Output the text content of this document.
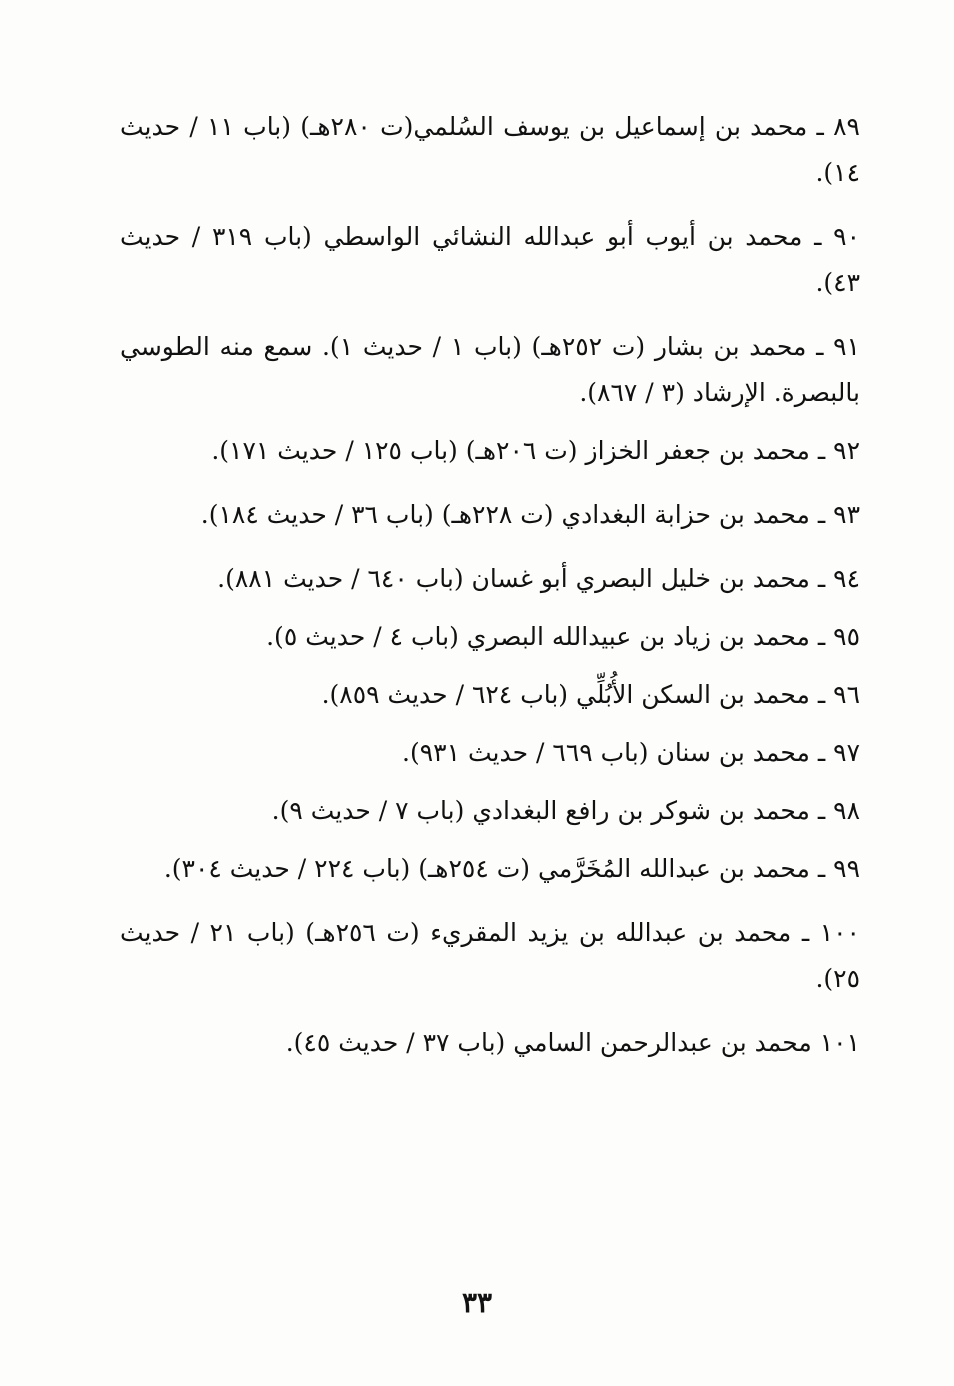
٨٩ ـ محمد بن إسماعيل بن يوسف السُلمي(ت ٢٨٠هـ) (باب ١١ / حديث ١٤).

٩٠ ـ محمد بن أيوب أبو عبدالله النشائي الواسطي (باب ٣١٩ / حديث ٤٣).

٩١ ـ محمد بن بشار (ت ٢٥٢هـ) (باب ١ / حديث ١). سمع منه الطوسي بالبصرة. الإرشاد (٣ / ٨٦٧).

٩٢ ـ محمد بن جعفر الخزاز (ت ٢٠٦هـ) (باب ١٢٥ / حديث ١٧١).

٩٣ ـ محمد بن حزابة البغدادي (ت ٢٢٨هـ) (باب ٣٦ / حديث ١٨٤).

٩٤ ـ محمد بن خليل البصري أبو غسان (باب ٦٤٠ / حديث ٨٨١).

٩٥ ـ محمد بن زياد بن عبيدالله البصري (باب ٤ / حديث ٥).

٩٦ ـ محمد بن السكن الأُبُلِّي (باب ٦٢٤ / حديث ٨٥٩).

٩٧ ـ محمد بن سنان (باب ٦٦٩ / حديث ٩٣١).

٩٨ ـ محمد بن شوكر بن رافع البغدادي (باب ٧ / حديث ٩).

٩٩ ـ محمد بن عبدالله المُخَرَّمي (ت ٢٥٤هـ) (باب ٢٢٤ / حديث ٣٠٤).

١٠٠ ـ محمد بن عبدالله بن يزيد المقريء (ت ٢٥٦هـ) (باب ٢١ / حديث ٢٥).

١٠١ محمد بن عبدالرحمن السامي (باب ٣٧ / حديث ٤٥).

٣٣
